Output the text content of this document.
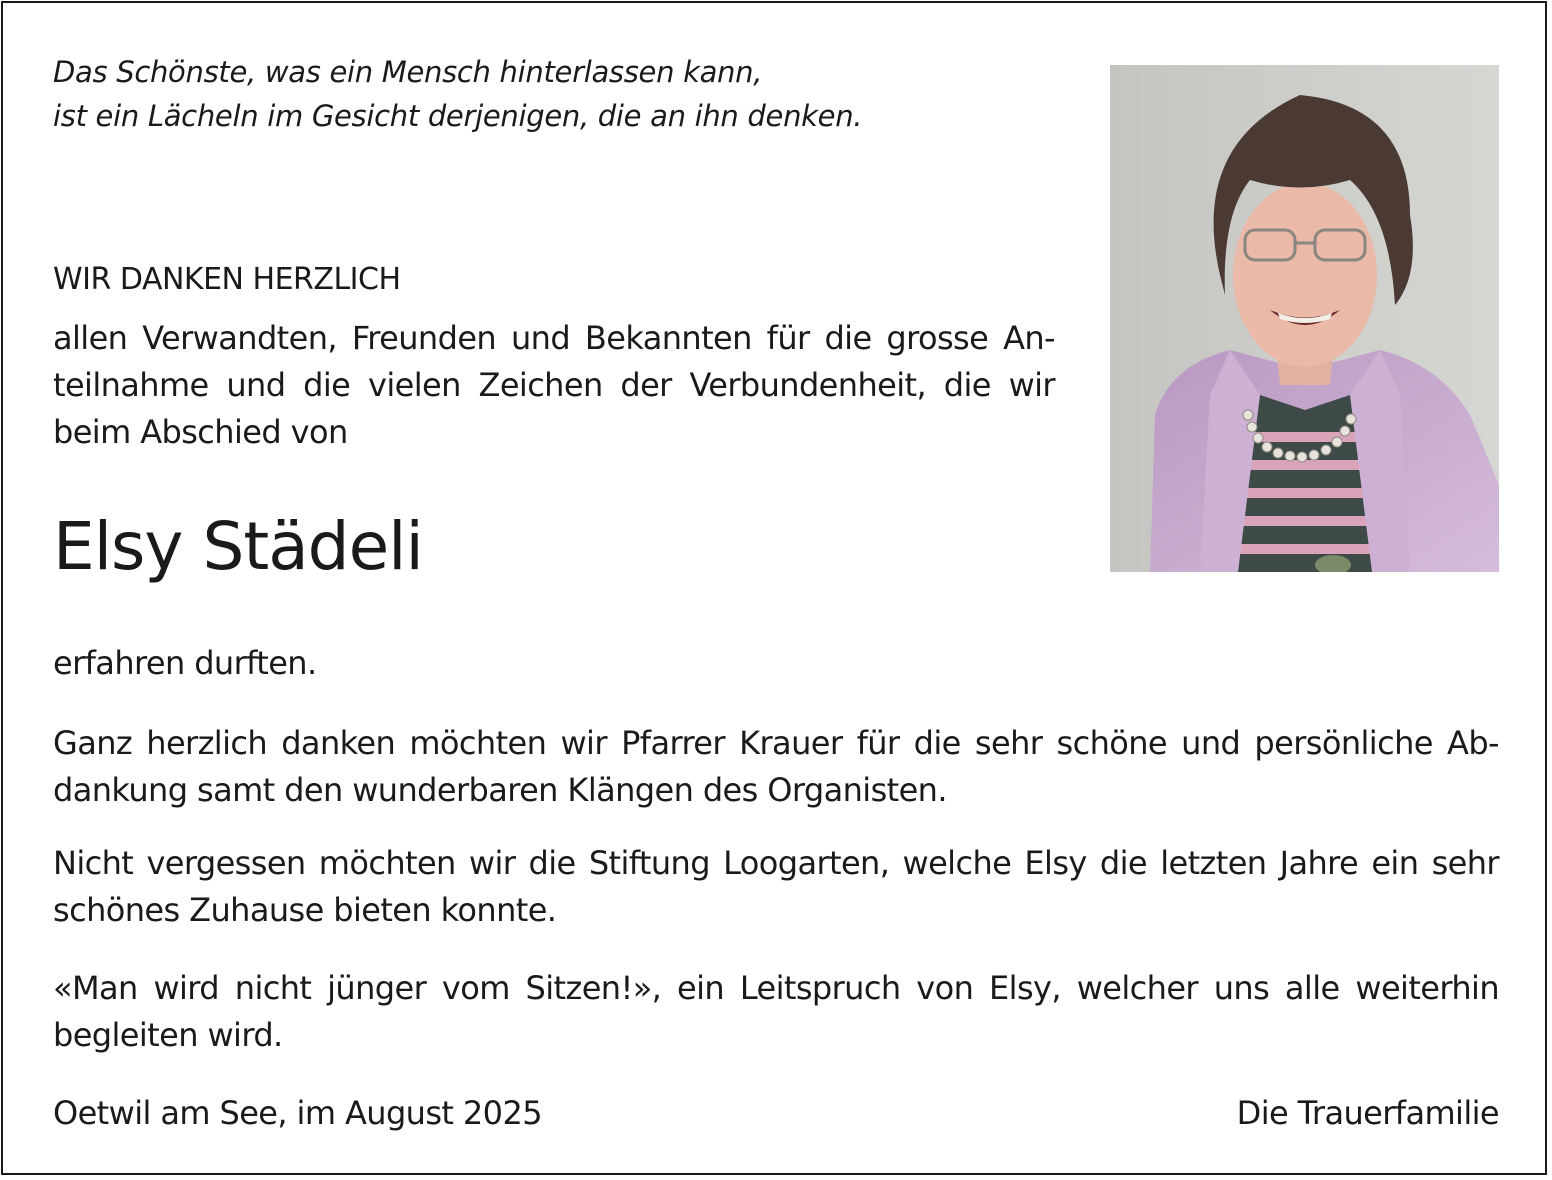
Das Schönste, was ein Mensch hinterlassen kann,
ist ein Lächeln im Gesicht derjenigen, die an ihn denken.
WIR DANKEN HERZLICH
allen Verwandten, Freunden und Bekannten für die grosse An-
teilnahme und die vielen Zeichen der Verbundenheit, die wir
beim Abschied von
Elsy Städeli
erfahren durften.
Ganz herzlich danken möchten wir Pfarrer Krauer für die sehr schöne und persönliche Ab-
dankung samt den wunderbaren Klängen des Organisten.
Nicht vergessen möchten wir die Stiftung Loogarten, welche Elsy die letzten Jahre ein sehr
schönes Zuhause bieten konnte.
«Man wird nicht jünger vom Sitzen!», ein Leitspruch von Elsy, welcher uns alle weiterhin
begleiten wird.
Oetwil am See, im August 2025	Die Trauerfamilie
